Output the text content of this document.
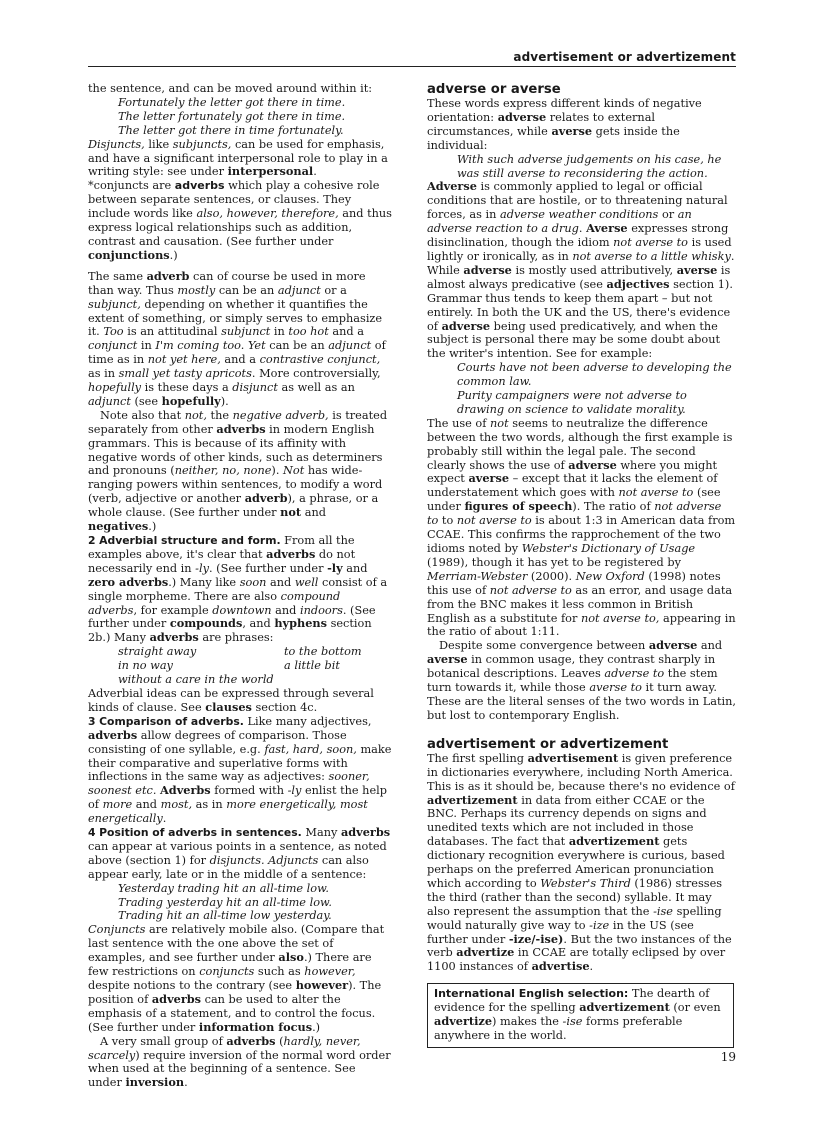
advertisement or advertizement

the sentence, and can be moved around within it:

Fortunately the letter got there in time.

The letter fortunately got there in time.

The letter got there in time fortunately.

Disjuncts, like subjuncts, can be used for emphasis, and have a significant interpersonal role to play in a writing style: see under interpersonal.

*conjuncts are adverbs which play a cohesive role between separate sentences, or clauses. They include words like also, however, therefore, and thus express logical relationships such as addition, contrast and causation. (See further under conjunctions.)

The same adverb can of course be used in more than way. Thus mostly can be an adjunct or a subjunct, depending on whether it quantifies the extent of something, or simply serves to emphasize it. Too is an attitudinal subjunct in too hot and a conjunct in I'm coming too. Yet can be an adjunct of time as in not yet here, and a contrastive conjunct, as in small yet tasty apricots. More controversially, hopefully is these days a disjunct as well as an adjunct (see hopefully).

Note also that not, the negative adverb, is treated separately from other adverbs in modern English grammars. This is because of its affinity with negative words of other kinds, such as determiners and pronouns (neither, no, none). Not has wide-ranging powers within sentences, to modify a word (verb, adjective or another adverb), a phrase, or a whole clause. (See further under not and negatives.)

2 Adverbial structure and form. From all the examples above, it's clear that adverbs do not necessarily end in -ly. (See further under -ly and zero adverbs.) Many like soon and well consist of a single morpheme. There are also compound adverbs, for example downtown and indoors. (See further under compounds, and hyphens section 2b.) Many adverbs are phrases:

straight away	to the bottom
in no way	a little bit

without a care in the world

Adverbial ideas can be expressed through several kinds of clause. See clauses section 4c.

3 Comparison of adverbs. Like many adjectives, adverbs allow degrees of comparison. Those consisting of one syllable, e.g. fast, hard, soon, make their comparative and superlative forms with inflections in the same way as adjectives: sooner, soonest etc. Adverbs formed with -ly enlist the help of more and most, as in more energetically, most energetically.

4 Position of adverbs in sentences. Many adverbs can appear at various points in a sentence, as noted above (section 1) for disjuncts. Adjuncts can also appear early, late or in the middle of a sentence:

Yesterday trading hit an all-time low.

Trading yesterday hit an all-time low.

Trading hit an all-time low yesterday.

Conjuncts are relatively mobile also. (Compare that last sentence with the one above the set of examples, and see further under also.) There are few restrictions on conjuncts such as however, despite notions to the contrary (see however). The position of adverbs can be used to alter the emphasis of a statement, and to control the focus. (See further under information focus.)

A very small group of adverbs (hardly, never, scarcely) require inversion of the normal word order when used at the beginning of a sentence. See under inversion.

adverse or averse

These words express different kinds of negative orientation: adverse relates to external circumstances, while averse gets inside the individual:

With such adverse judgements on his case, he was still averse to reconsidering the action.

Adverse is commonly applied to legal or official conditions that are hostile, or to threatening natural forces, as in adverse weather conditions or an adverse reaction to a drug. Averse expresses strong disinclination, though the idiom not averse to is used lightly or ironically, as in not averse to a little whisky. While adverse is mostly used attributively, averse is almost always predicative (see adjectives section 1). Grammar thus tends to keep them apart – but not entirely. In both the UK and the US, there's evidence of adverse being used predicatively, and when the subject is personal there may be some doubt about the writer's intention. See for example:

Courts have not been adverse to developing the common law.

Purity campaigners were not adverse to drawing on science to validate morality.

The use of not seems to neutralize the difference between the two words, although the first example is probably still within the legal pale. The second clearly shows the use of adverse where you might expect averse – except that it lacks the element of understatement which goes with not averse to (see under figures of speech). The ratio of not adverse to to not averse to is about 1:3 in American data from CCAE. This confirms the rapprochement of the two idioms noted by Webster's Dictionary of Usage (1989), though it has yet to be registered by Merriam-Webster (2000). New Oxford (1998) notes this use of not adverse to as an error, and usage data from the BNC makes it less common in British English as a substitute for not averse to, appearing in the ratio of about 1:11.

Despite some convergence between adverse and averse in common usage, they contrast sharply in botanical descriptions. Leaves adverse to the stem turn towards it, while those averse to it turn away. These are the literal senses of the two words in Latin, but lost to contemporary English.

advertisement or advertizement

The first spelling advertisement is given preference in dictionaries everywhere, including North America. This is as it should be, because there's no evidence of advertizement in data from either CCAE or the BNC. Perhaps its currency depends on signs and unedited texts which are not included in those databases. The fact that advertizement gets dictionary recognition everywhere is curious, based perhaps on the preferred American pronunciation which according to Webster's Third (1986) stresses the third (rather than the second) syllable. It may also represent the assumption that the -ise spelling would naturally give way to -ize in the US (see further under -ize/-ise). But the two instances of the verb advertize in CCAE are totally eclipsed by over 1100 instances of advertise.

International English selection: The dearth of evidence for the spelling advertizement (or even advertize) makes the -ise forms preferable anywhere in the world.
19
